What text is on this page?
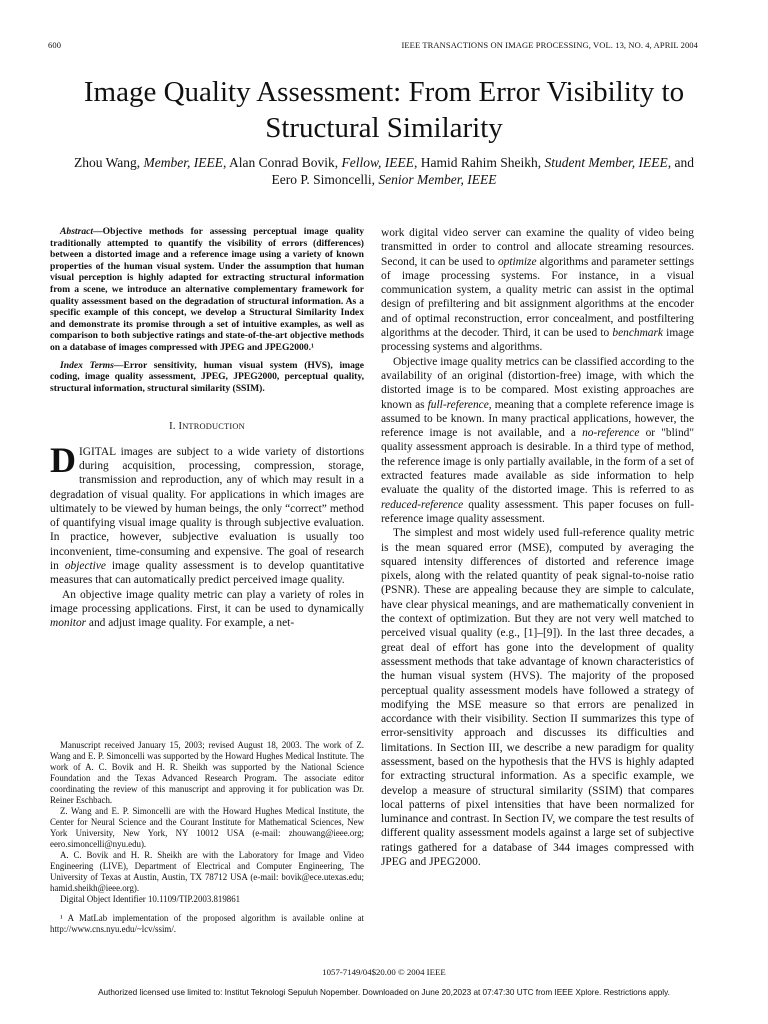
600	IEEE TRANSACTIONS ON IMAGE PROCESSING, VOL. 13, NO. 4, APRIL 2004
Image Quality Assessment: From Error Visibility to
Structural Similarity
Zhou Wang, Member, IEEE, Alan Conrad Bovik, Fellow, IEEE, Hamid Rahim Sheikh, Student Member, IEEE, and
Eero P. Simoncelli, Senior Member, IEEE

Abstract—Objective methods for assessing perceptual image quality traditionally attempted to quantify the visibility of errors (differences) between a distorted image and a reference image using a variety of known properties of the human visual system. Under the assumption that human visual perception is highly adapted for extracting structural information from a scene, we introduce an alternative complementary framework for quality assessment based on the degradation of structural information. As a specific example of this concept, we develop a Structural Similarity Index and demonstrate its promise through a set of intuitive examples, as well as comparison to both subjective ratings and state-of-the-art objective methods on a database of images compressed with JPEG and JPEG2000.¹

Index Terms—Error sensitivity, human visual system (HVS), image coding, image quality assessment, JPEG, JPEG2000, perceptual quality, structural information, structural similarity (SSIM).

I. INTRODUCTION

DIGITAL images are subject to a wide variety of distortions during acquisition, processing, compression, storage, transmission and reproduction, any of which may result in a degradation of visual quality. For applications in which images are ultimately to be viewed by human beings, the only “correct” method of quantifying visual image quality is through subjective evaluation. In practice, however, subjective evaluation is usually too inconvenient, time-consuming and expensive. The goal of research in objective image quality assessment is to develop quantitative measures that can automatically predict perceived image quality.

An objective image quality metric can play a variety of roles in image processing applications. First, it can be used to dynamically monitor and adjust image quality. For example, a net-

Manuscript received January 15, 2003; revised August 18, 2003. The work of Z. Wang and E. P. Simoncelli was supported by the Howard Hughes Medical Institute. The work of A. C. Bovik and H. R. Sheikh was supported by the National Science Foundation and the Texas Advanced Research Program. The associate editor coordinating the review of this manuscript and approving it for publication was Dr. Reiner Eschbach.

Z. Wang and E. P. Simoncelli are with the Howard Hughes Medical Institute, the Center for Neural Science and the Courant Institute for Mathematical Sciences, New York University, New York, NY 10012 USA (e-mail: zhouwang@ieee.org; eero.simoncelli@nyu.edu).

A. C. Bovik and H. R. Sheikh are with the Laboratory for Image and Video Engineering (LIVE), Department of Electrical and Computer Engineering, The University of Texas at Austin, Austin, TX 78712 USA (e-mail: bovik@ece.utexas.edu; hamid.sheikh@ieee.org).

Digital Object Identifier 10.1109/TIP.2003.819861

¹ A MatLab implementation of the proposed algorithm is available online at http://www.cns.nyu.edu/~lcv/ssim/.

work digital video server can examine the quality of video being transmitted in order to control and allocate streaming resources. Second, it can be used to optimize algorithms and parameter settings of image processing systems. For instance, in a visual communication system, a quality metric can assist in the optimal design of prefiltering and bit assignment algorithms at the encoder and of optimal reconstruction, error concealment, and postfiltering algorithms at the decoder. Third, it can be used to benchmark image processing systems and algorithms.

Objective image quality metrics can be classified according to the availability of an original (distortion-free) image, with which the distorted image is to be compared. Most existing approaches are known as full-reference, meaning that a complete reference image is assumed to be known. In many practical applications, however, the reference image is not available, and a no-reference or "blind" quality assessment approach is desirable. In a third type of method, the reference image is only partially available, in the form of a set of extracted features made available as side information to help evaluate the quality of the distorted image. This is referred to as reduced-reference quality assessment. This paper focuses on full-reference image quality assessment.

The simplest and most widely used full-reference quality metric is the mean squared error (MSE), computed by averaging the squared intensity differences of distorted and reference image pixels, along with the related quantity of peak signal-to-noise ratio (PSNR). These are appealing because they are simple to calculate, have clear physical meanings, and are mathematically convenient in the context of optimization. But they are not very well matched to perceived visual quality (e.g., [1]–[9]). In the last three decades, a great deal of effort has gone into the development of quality assessment methods that take advantage of known characteristics of the human visual system (HVS). The majority of the proposed perceptual quality assessment models have followed a strategy of modifying the MSE measure so that errors are penalized in accordance with their visibility. Section II summarizes this type of error-sensitivity approach and discusses its difficulties and limitations. In Section III, we describe a new paradigm for quality assessment, based on the hypothesis that the HVS is highly adapted for extracting structural information. As a specific example, we develop a measure of structural similarity (SSIM) that compares local patterns of pixel intensities that have been normalized for luminance and contrast. In Section IV, we compare the test results of different quality assessment models against a large set of subjective ratings gathered for a database of 344 images compressed with JPEG and JPEG2000.

1057-7149/04$20.00 © 2004 IEEE
Authorized licensed use limited to: Institut Teknologi Sepuluh Nopember. Downloaded on June 20,2023 at 07:47:30 UTC from IEEE Xplore. Restrictions apply.
